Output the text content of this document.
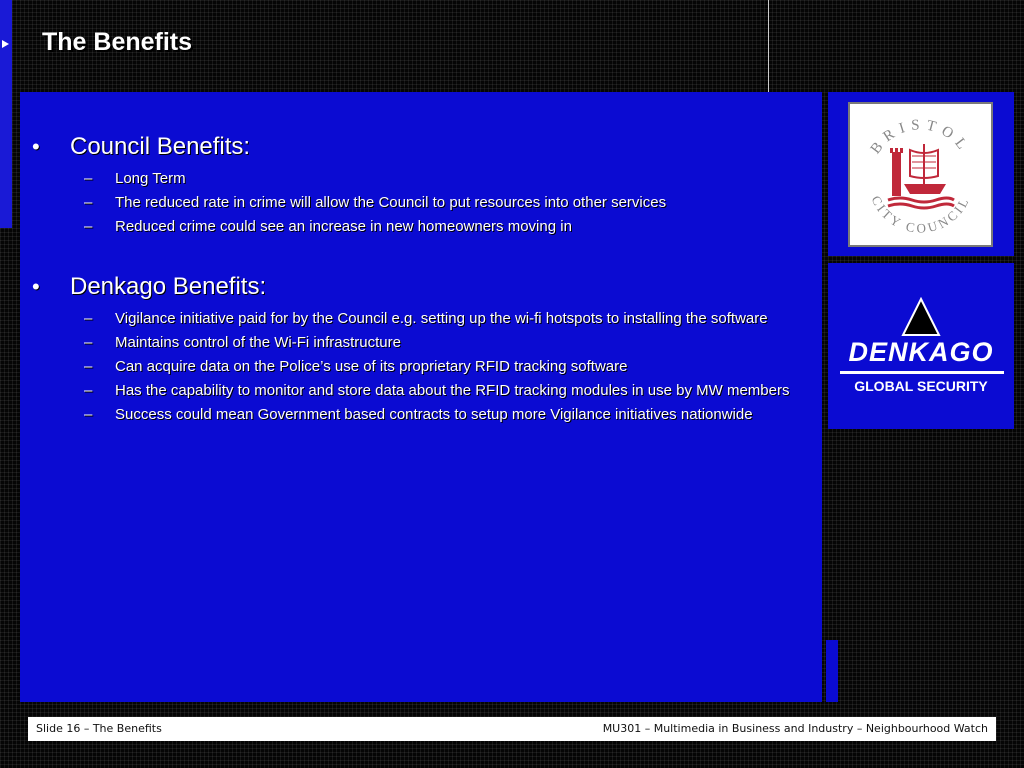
The Benefits
• Council Benefits:
– Long Term
– The reduced rate in crime will allow the Council to put resources into other services
– Reduced crime could see an increase in new homeowners moving in
• Denkago Benefits:
– Vigilance initiative paid for by the Council e.g. setting up the wi-fi hotspots to installing the software
– Maintains control of the Wi-Fi infrastructure
– Can acquire data on the Police’s use of its proprietary RFID tracking software
– Has the capability to monitor and store data about the RFID tracking modules in use by MW members
– Success could mean Government based contracts to setup more Vigilance initiatives nationwide
BRISTOL
CITY COUNCIL
DENKAGO
GLOBAL SECURITY
Slide 16 – The Benefits	MU301 – Multimedia in Business and Industry – Neighbourhood Watch
